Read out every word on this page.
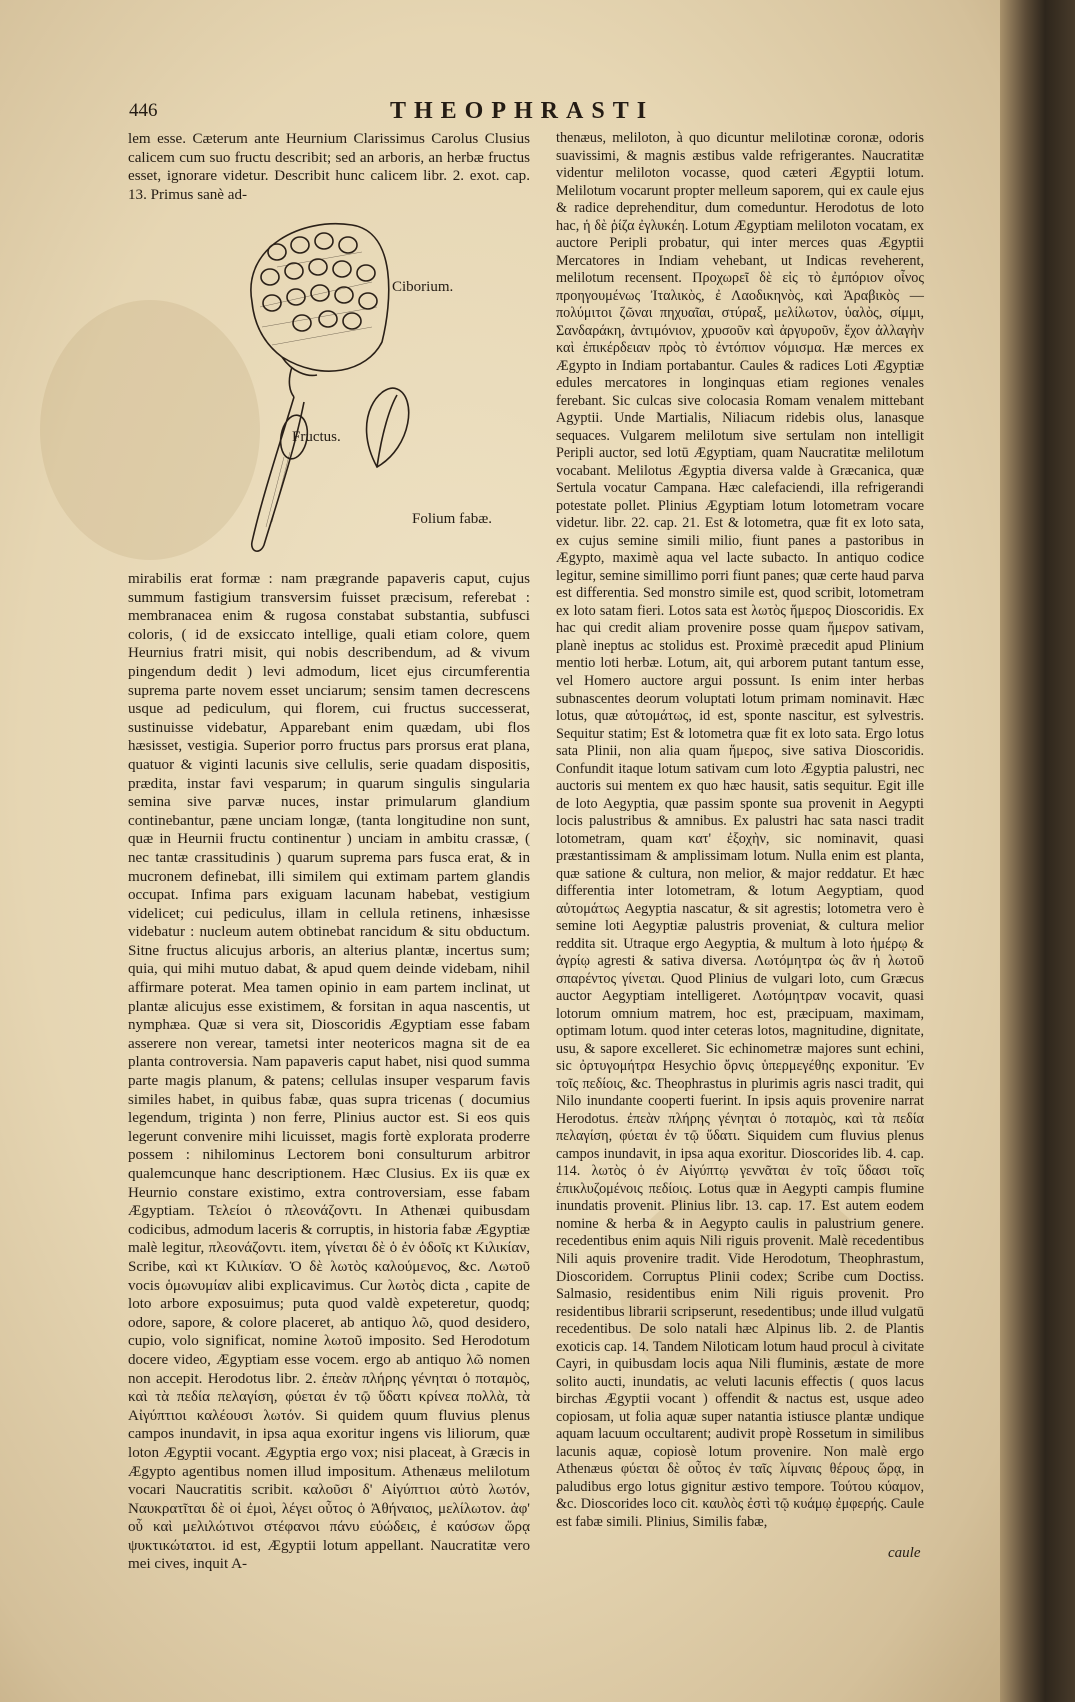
446	THEOPHRASTI

lem esse. Cæterum ante Heurnium Clarissimus Carolus Clusius calicem cum suo fructu describit; sed an arboris, an herbæ fructus esset, ignorare videtur. Describit hunc calicem libr. 2. exot. cap. 13. Primus sanè ad-

Ciborium.
Fructus.
Folium fabæ.

mirabilis erat formæ : nam prægrande papaveris caput, cujus summum fastigium transversim fuisset præcisum, referebat : membranacea enim & rugosa constabat substantia, subfusci coloris, ( id de exsiccato intellige, quali etiam colore, quem Heurnius fratri misit, qui nobis describendum, ad & vivum pingendum dedit ) levi admodum, licet ejus circumferentia suprema parte novem esset unciarum; sensim tamen decrescens usque ad pediculum, qui florem, cui fructus successerat, sustinuisse videbatur, Apparebant enim quædam, ubi flos hæsisset, vestigia. Superior porro fructus pars prorsus erat plana, quatuor & viginti lacunis sive cellulis, serie quadam dispositis, prædita, instar favi vesparum; in quarum singulis singularia semina sive parvæ nuces, instar primularum glandium continebantur, pæne unciam longæ, (tanta longitudine non sunt, quæ in Heurnii fructu continentur ) unciam in ambitu crassæ, ( nec tantæ crassitudinis ) quarum suprema pars fusca erat, & in mucronem definebat, illi similem qui extimam partem glandis occupat. Infima pars exiguam lacunam habebat, vestigium videlicet; cui pediculus, illam in cellula retinens, inhæsisse videbatur : nucleum autem obtinebat rancidum & situ obductum. Sitne fructus alicujus arboris, an alterius plantæ, incertus sum; quia, qui mihi mutuo dabat, & apud quem deinde videbam, nihil affirmare poterat. Mea tamen opinio in eam partem inclinat, ut plantæ alicujus esse existimem, & forsitan in aqua nascentis, ut nymphæa. Quæ si vera sit, Dioscoridis Ægyptiam esse fabam asserere non verear, tametsi inter neotericos magna sit de ea planta controversia. Nam papaveris caput habet, nisi quod summa parte magis planum, & patens; cellulas insuper vesparum favis similes habet, in quibus fabæ, quas supra tricenas ( documius legendum, triginta ) non ferre, Plinius auctor est. Si eos quis legerunt convenire mihi licuisset, magis fortè explorata proderre possem : nihilominus Lectorem boni consulturum arbitror qualemcunque hanc descriptionem. Hæc Clusius. Ex iis quæ ex Heurnio constare existimo, extra controversiam, esse fabam Ægyptiam. Τελείοι ὁ πλεονάζοντι. In Athenæi quibusdam codicibus, admodum laceris & corruptis, in historia fabæ Ægyptiæ malè legitur, πλεονάζοντι. item, γίνεται δὲ ὁ ἐν ὁδοῖς κτ Κιλικίαν, Scribe, καὶ κτ Κιλικίαν. Ὁ δὲ λωτὸς καλούμενος, &c. Λωτοῦ vocis ὁμωνυμίαν alibi explicavimus. Cur λωτὸς dicta , capite de loto arbore exposuimus; puta quod valdè expeteretur, quodq; odore, sapore, & colore placeret, ab antiquo λῶ, quod desidero, cupio, volo significat, nomine λωτοῦ imposito. Sed Herodotum docere video, Ægyptiam esse vocem. ergo ab antiquo λῶ nomen non accepit. Herodotus libr. 2. ἐπεὰν πλήρης γένηται ὁ ποταμὸς, καὶ τὰ πεδία πελαγίση, φύεται ἐν τῷ ὕδατι κρίνεα πολλὰ, τὰ Αἰγύπτιοι καλέουσι λωτόν. Si quidem quum fluvius plenus campos inundavit, in ipsa aqua exoritur ingens vis liliorum, quæ loton Ægyptii vocant. Ægyptia ergo vox; nisi placeat, à Græcis in Ægypto agentibus nomen illud impositum. Athenæus melilotum vocari Naucratitis scribit. καλοῦσι δ' Αἰγύπτιοι αὐτὸ λωτόν, Ναυκρατῖται δὲ οἱ ἐμοὶ, λέγει οὗτος ὁ Ἀθήναιος, μελίλωτον. ἀφ' οὗ καὶ μελιλώτινοι στέφανοι πάνυ εὐώδεις, ἐ καύσων ὥρᾳ ψυκτικώτατοι. id est, Ægyptii lotum appellant. Naucratitæ vero mei cives, inquit A-

thenæus, meliloton, à quo dicuntur melilotinæ coronæ, odoris suavissimi, & magnis æstibus valde refrigerantes. Naucratitæ videntur meliloton vocasse, quod cæteri Ægyptii lotum. Melilotum vocarunt propter melleum saporem, qui ex caule ejus & radice deprehenditur, dum comeduntur. Herodotus de loto hac, ἡ δὲ ῥίζα ἐγλυκέη. Lotum Ægyptiam meliloton vocatam, ex auctore Peripli probatur, qui inter merces quas Ægyptii Mercatores in Indiam vehebant, ut Indicas reveherent, melilotum recensent. Προχωρεῖ δὲ εἰς τὸ ἐμπόριον οἶνος προηγουμένως Ἰταλικὸς, ἐ Λαοδικηνὸς, καὶ Ἀραβικὸς — πολύμιτοι ζῶναι πηχυαῖαι, στύραξ, μελίλωτον, ὑαλὸς, σίμμι, Σανδαράκη, ἀντιμόνιον, χρυσοῦν καὶ ἀργυροῦν, ἔχον ἀλλαγὴν καὶ ἐπικέρδειαν πρὸς τὸ ἐντόπιον νόμισμα. Hæ merces ex Ægypto in Indiam portabantur. Caules & radices Loti Ægyptiæ edules mercatores in longinquas etiam regiones venales ferebant. Sic culcas sive colocasia Romam venalem mittebant Agyptii. Unde Martialis, Niliacum ridebis olus, lanasque sequaces. Vulgarem melilotum sive sertulam non intelligit Peripli auctor, sed lotū Ægyptiam, quam Naucratitæ melilotum vocabant. Melilotus Ægyptia diversa valde à Græcanica, quæ Sertula vocatur Campana. Hæc calefaciendi, illa refrigerandi potestate pollet. Plinius Ægyptiam lotum lotometram vocare videtur. libr. 22. cap. 21. Est & lotometra, quæ fit ex loto sata, ex cujus semine simili milio, fiunt panes a pastoribus in Ægypto, maximè aqua vel lacte subacto. In antiquo codice legitur, semine simillimo porri fiunt panes; quæ certe haud parva est differentia. Sed monstro simile est, quod scribit, lotometram ex loto satam fieri. Lotos sata est λωτὸς ἥμερος Dioscoridis. Ex hac qui credit aliam provenire posse quam ἥμερον sativam, planè ineptus ac stolidus est. Proximè præcedit apud Plinium mentio loti herbæ. Lotum, ait, qui arborem putant tantum esse, vel Homero auctore argui possunt. Is enim inter herbas subnascentes deorum voluptati lotum primam nominavit. Hæc lotus, quæ αὐτομάτως, id est, sponte nascitur, est sylvestris. Sequitur statim; Est & lotometra quæ fit ex loto sata. Ergo lotus sata Plinii, non alia quam ἥμερος, sive sativa Dioscoridis. Confundit itaque lotum sativam cum loto Ægyptia palustri, nec auctoris sui mentem ex quo hæc hausit, satis sequitur. Egit ille de loto Aegyptia, quæ passim sponte sua provenit in Aegypti locis palustribus & amnibus. Ex palustri hac sata nasci tradit lotometram, quam κατ' ἐξοχὴν, sic nominavit, quasi præstantissimam & amplissimam lotum. Nulla enim est planta, quæ satione & cultura, non melior, & major reddatur. Et hæc differentia inter lotometram, & lotum Aegyptiam, quod αὐτομάτως Aegyptia nascatur, & sit agrestis; lotometra vero è semine loti Aegyptiæ palustris proveniat, & cultura melior reddita sit. Utraque ergo Aegyptia, & multum à loto ἡμέρῳ & ἀγρίῳ agresti & sativa diversa. Λωτόμητρα ὡς ἂν ἡ λωτοῦ σπαρέντος γίνεται. Quod Plinius de vulgari loto, cum Græcus auctor Aegyptiam intelligeret. Λωτόμητραν vocavit, quasi lotorum omnium matrem, hoc est, præcipuam, maximam, optimam lotum. quod inter ceteras lotos, magnitudine, dignitate, usu, & sapore excelleret. Sic echinometræ majores sunt echini, sic ὀρτυγομήτρα Hesychio ὄρνις ὑπερμεγέθης exponitur. Ἐν τοῖς πεδίοις, &c. Theophrastus in plurimis agris nasci tradit, qui Nilo inundante cooperti fuerint. In ipsis aquis provenire narrat Herodotus. ἐπεὰν πλήρης γένηται ὁ ποταμὸς, καὶ τὰ πεδία πελαγίση, φύεται ἐν τῷ ὕδατι. Siquidem cum fluvius plenus campos inundavit, in ipsa aqua exoritur. Dioscorides lib. 4. cap. 114. λωτὸς ὁ ἐν Αἰγύπτῳ γεννᾶται ἐν τοῖς ὕδασι τοῖς ἐπικλυζομένοις πεδίοις. Lotus quæ in Aegypti campis flumine inundatis provenit. Plinius libr. 13. cap. 17. Est autem eodem nomine & herba & in Aegypto caulis in palustrium genere. recedentibus enim aquis Nili riguis provenit. Malè recedentibus Nili aquis provenire tradit. Vide Herodotum, Theophrastum, Dioscoridem. Corruptus Plinii codex; Scribe cum Doctiss. Salmasio, residentibus enim Nili riguis provenit. Pro residentibus librarii scripserunt, resedentibus; unde illud vulgatū recedentibus. De solo natali hæc Alpinus lib. 2. de Plantis exoticis cap. 14. Tandem Niloticam lotum haud procul à civitate Cayri, in quibusdam locis aqua Nili fluminis, æstate de more solito aucti, inundatis, ac veluti lacunis effectis ( quos lacus birchas Ægyptii vocant ) offendit & nactus est, usque adeo copiosam, ut folia aquæ super natantia istiusce plantæ undique aquam lacuum occultarent; audivit propè Rossetum in similibus lacunis aquæ, copiosè lotum provenire. Non malè ergo Athenæus φύεται δὲ οὗτος ἐν ταῖς λίμναις θέρους ὥρᾳ, in paludibus ergo lotus gignitur æstivo tempore. Τούτου κύαμον, &c. Dioscorides loco cit. καυλὸς ἐστὶ τῷ κυάμῳ ἐμφερής. Caule est fabæ simili. Plinius, Similis fabæ,

caule
